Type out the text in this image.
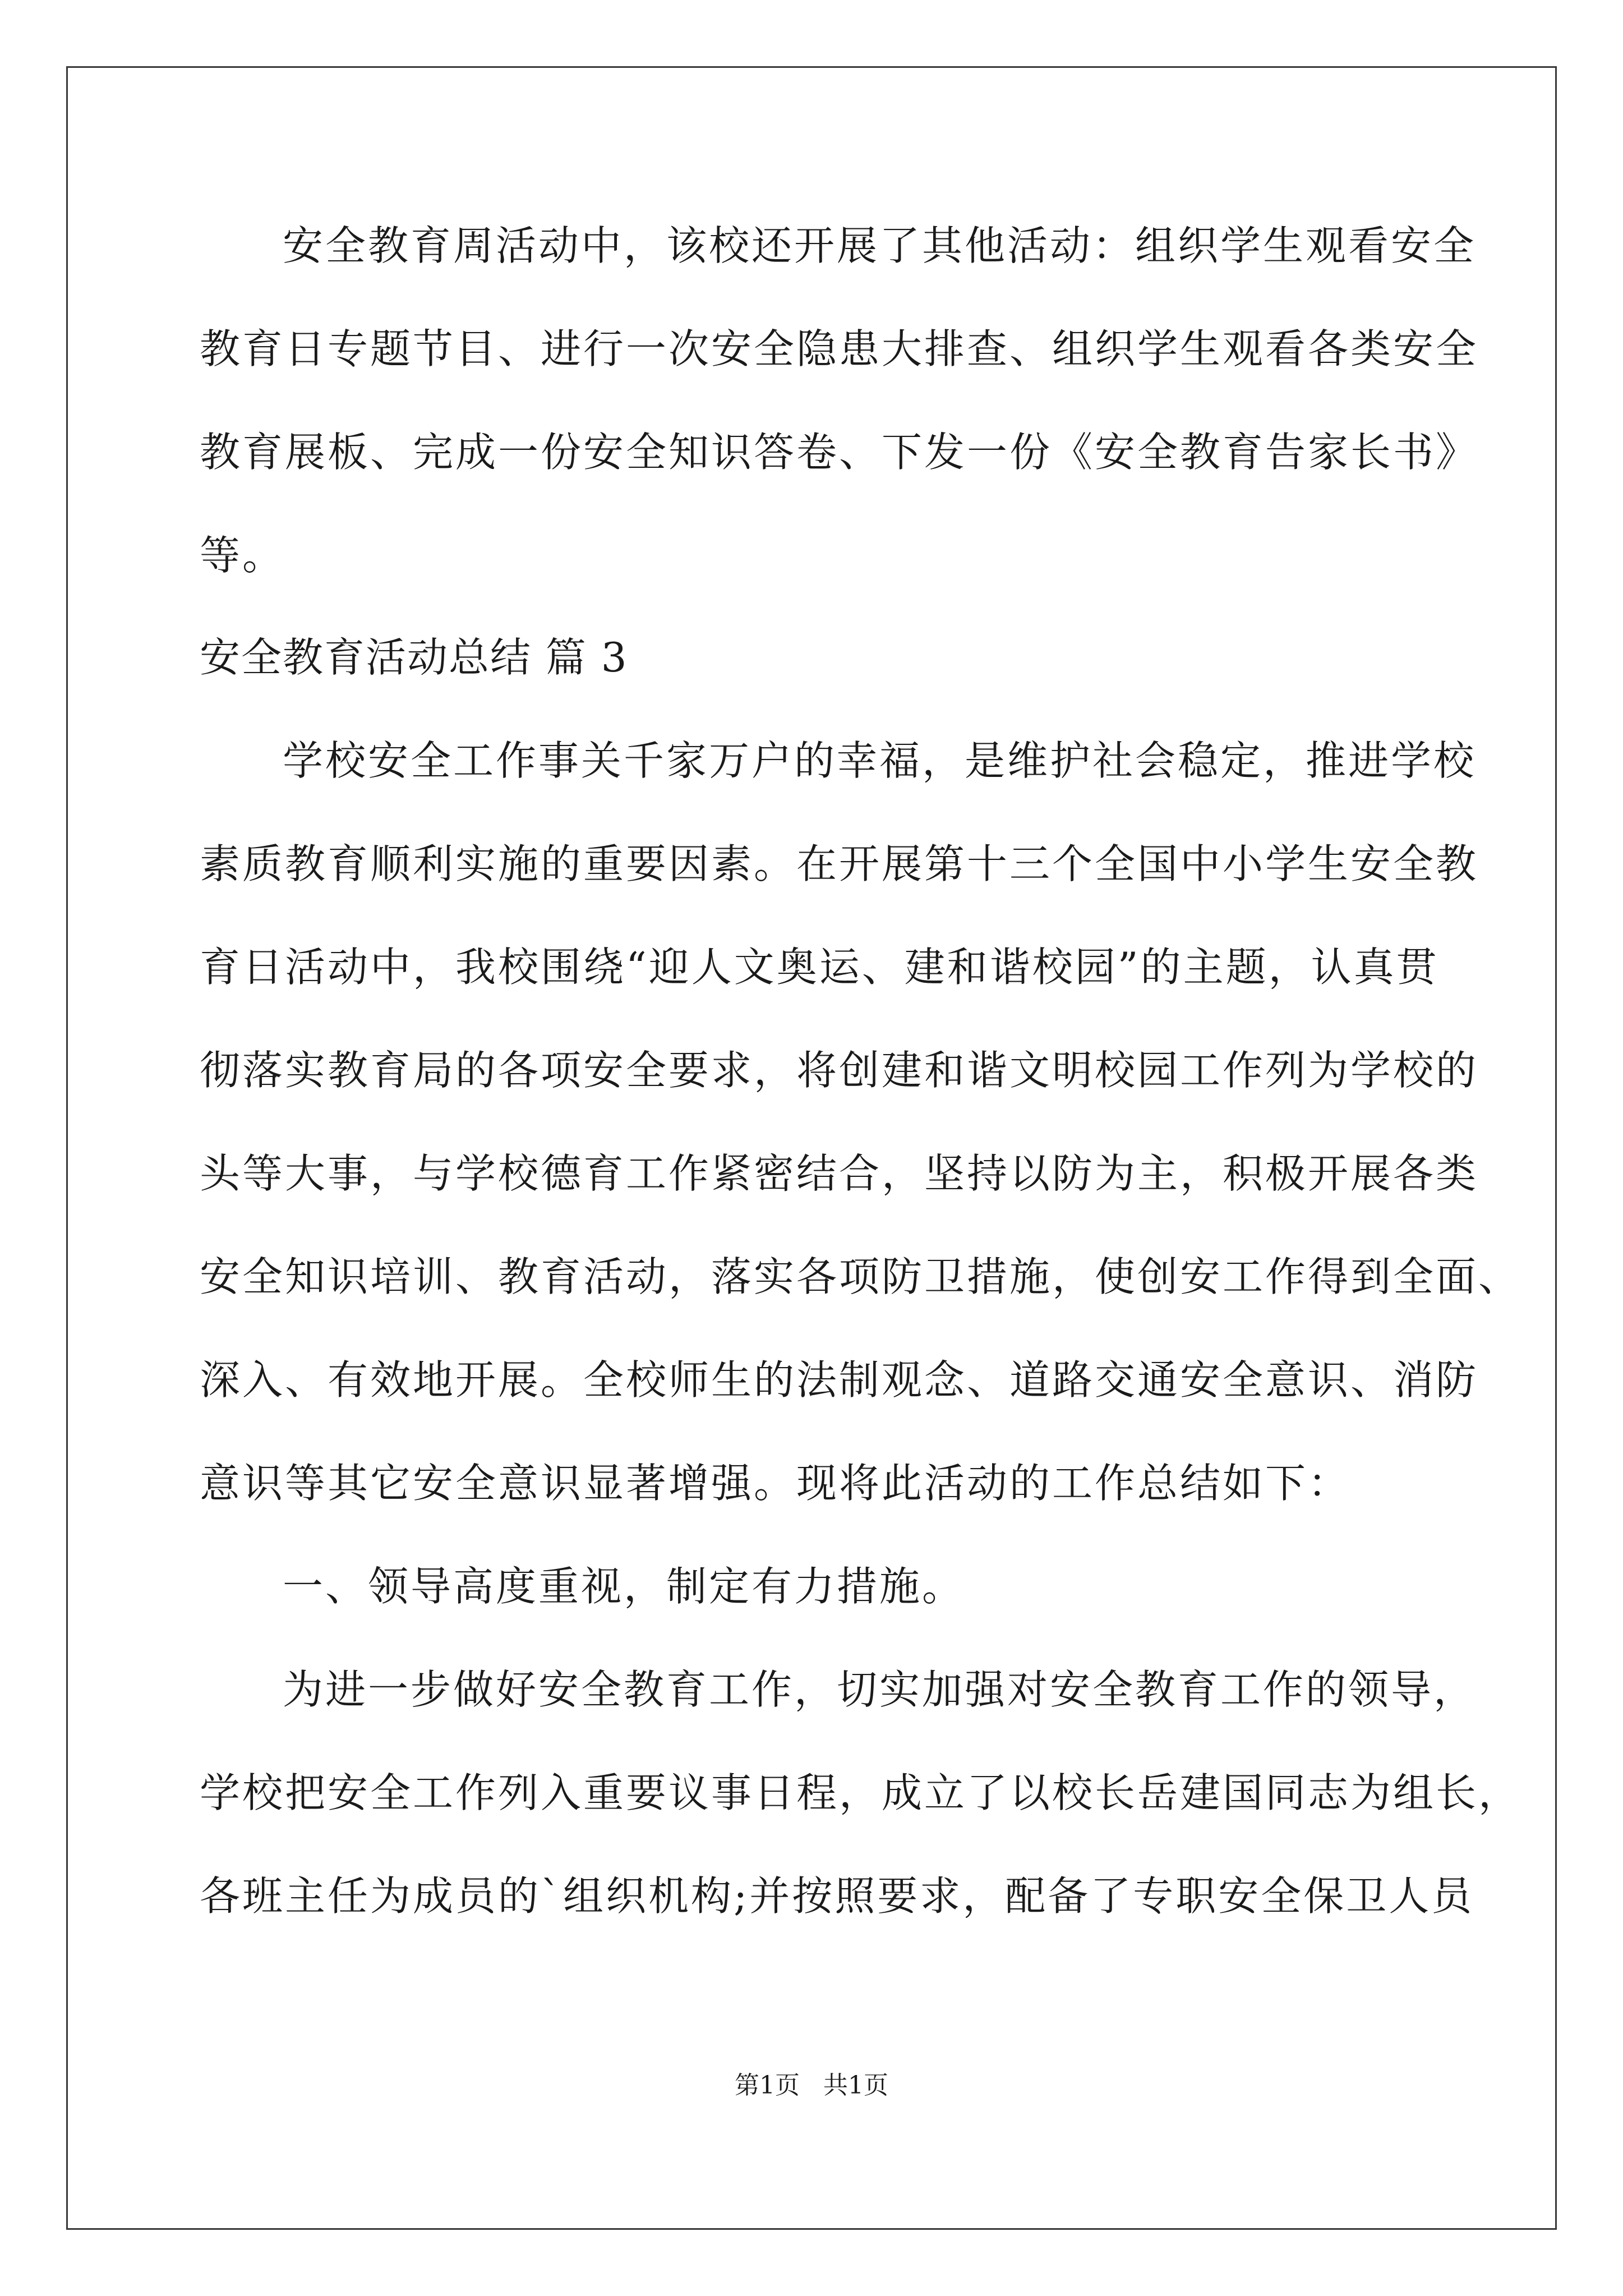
安全教育周活动中，该校还开展了其他活动：组织学生观看安全
教育日专题节目、进行一次安全隐患大排查、组织学生观看各类安全
教育展板、完成一份安全知识答卷、下发一份《安全教育告家长书》
等。
安全教育活动总结 篇 3
学校安全工作事关千家万户的幸福，是维护社会稳定，推进学校
素质教育顺利实施的重要因素。在开展第十三个全国中小学生安全教
育日活动中，我校围绕“迎人文奥运、建和谐校园”的主题，认真贯
彻落实教育局的各项安全要求，将创建和谐文明校园工作列为学校的
头等大事，与学校德育工作紧密结合，坚持以防为主，积极开展各类
安全知识培训、教育活动，落实各项防卫措施，使创安工作得到全面、
深入、有效地开展。全校师生的法制观念、道路交通安全意识、消防
意识等其它安全意识显著增强。现将此活动的工作总结如下：
一、领导高度重视，制定有力措施。
为进一步做好安全教育工作，切实加强对安全教育工作的领导，
学校把安全工作列入重要议事日程，成立了以校长岳建国同志为组长，
各班主任为成员的`组织机构;并按照要求，配备了专职安全保卫人员
第1页 共1页
